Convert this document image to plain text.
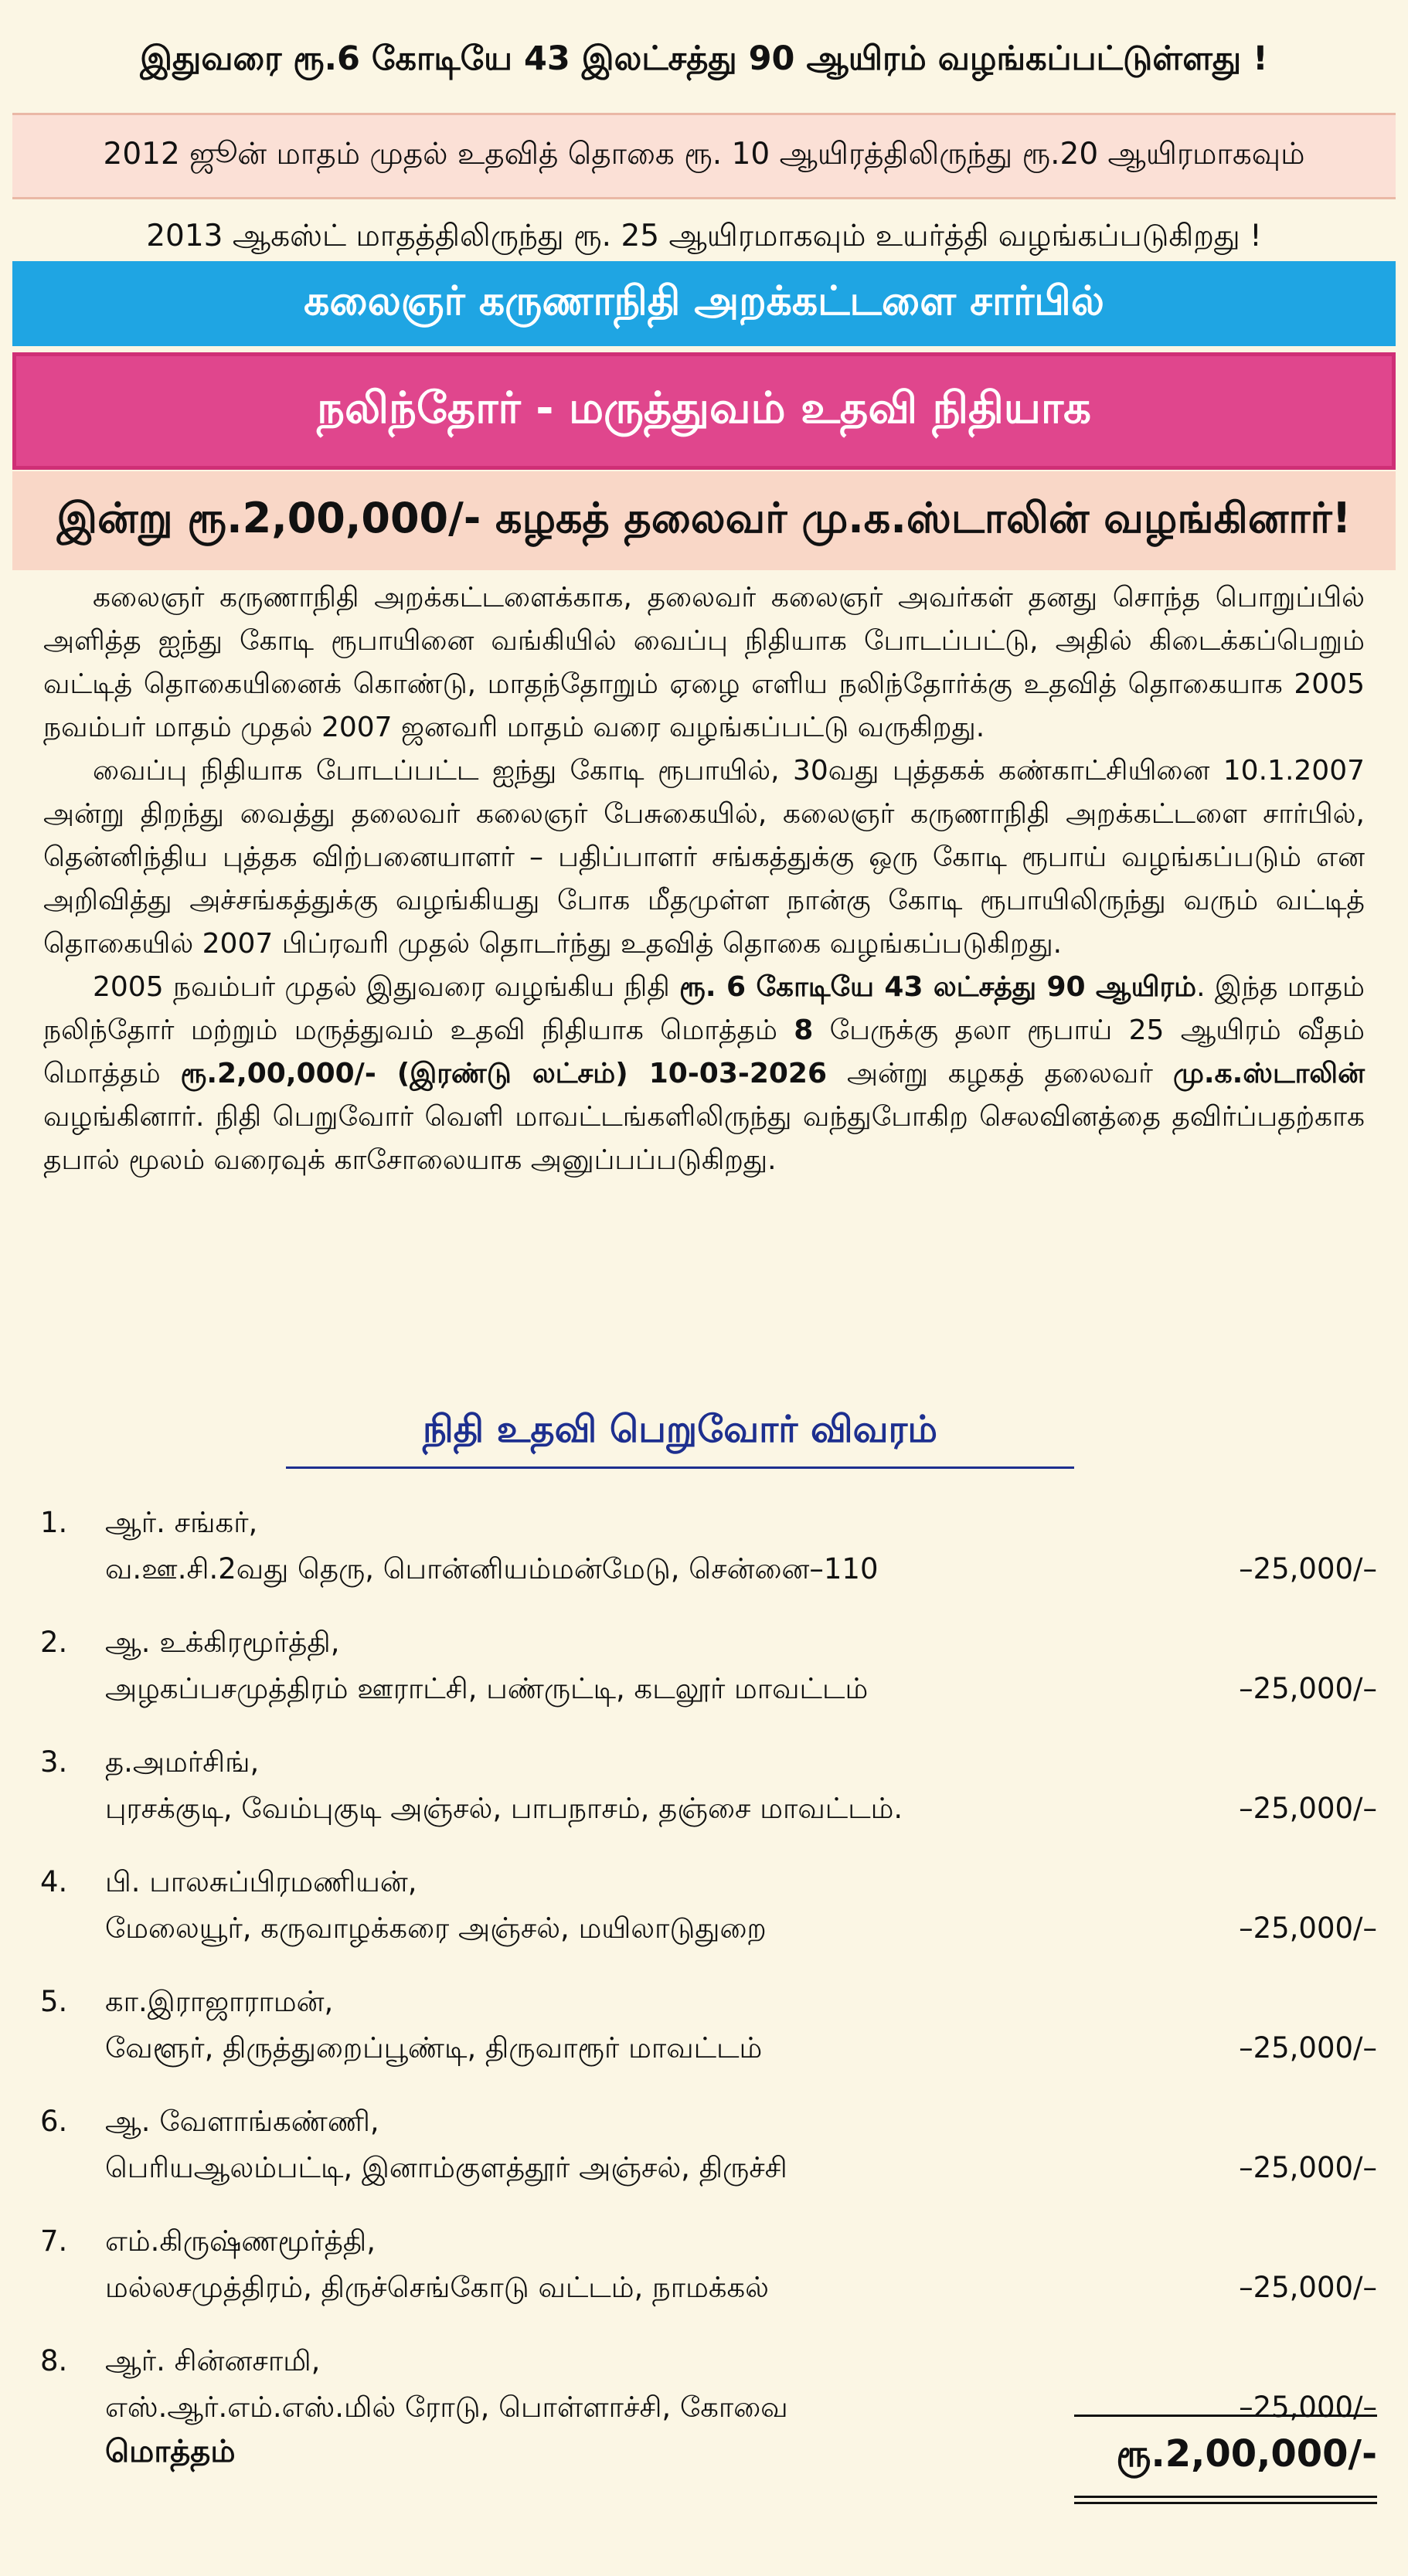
இதுவரை ரூ.6 கோடியே 43 இலட்சத்து 90 ஆயிரம் வழங்கப்பட்டுள்ளது !
2012 ஜூன் மாதம் முதல் உதவித் தொகை ரூ. 10 ஆயிரத்திலிருந்து ரூ.20 ஆயிரமாகவும்
2013 ஆகஸ்ட் மாதத்திலிருந்து ரூ. 25 ஆயிரமாகவும் உயர்த்தி வழங்கப்படுகிறது !
கலைஞர் கருணாநிதி அறக்கட்டளை சார்பில்
நலிந்தோர் - மருத்துவம் உதவி நிதியாக
இன்று ரூ.2,00,000/- கழகத் தலைவர் மு.க.ஸ்டாலின் வழங்கினார்!

கலைஞர் கருணாநிதி அறக்கட்டளைக்காக, தலைவர் கலைஞர் அவர்கள் தனது சொந்த பொறுப்பில் அளித்த ஐந்து கோடி ரூபாயினை வங்கியில் வைப்பு நிதியாக போடப்பட்டு, அதில் கிடைக்கப்பெறும் வட்டித் தொகையினைக் கொண்டு, மாதந்தோறும் ஏழை எளிய நலிந்தோர்க்கு உதவித் தொகையாக 2005 நவம்பர் மாதம் முதல் 2007 ஜனவரி மாதம் வரை வழங்கப்பட்டு வருகிறது.

வைப்பு நிதியாக போடப்பட்ட ஐந்து கோடி ரூபாயில், 30வது புத்தகக் கண்காட்சியினை 10.1.2007 அன்று திறந்து வைத்து தலைவர் கலைஞர் பேசுகையில், கலைஞர் கருணாநிதி அறக்கட்டளை சார்பில், தென்னிந்திய புத்தக விற்பனையாளர் – பதிப்பாளர் சங்கத்துக்கு ஒரு கோடி ரூபாய் வழங்கப்படும் என அறிவித்து அச்சங்கத்துக்கு வழங்கியது போக மீதமுள்ள நான்கு கோடி ரூபாயிலிருந்து வரும் வட்டித் தொகையில் 2007 பிப்ரவரி முதல் தொடர்ந்து உதவித் தொகை வழங்கப்படுகிறது.

2005 நவம்பர் முதல் இதுவரை வழங்கிய நிதி ரூ. 6 கோடியே 43 லட்சத்து 90 ஆயிரம். இந்த மாதம் நலிந்தோர் மற்றும் மருத்துவம் உதவி நிதியாக மொத்தம் 8 பேருக்கு தலா ரூபாய் 25 ஆயிரம் வீதம் மொத்தம் ரூ.2,00,000/- (இரண்டு லட்சம்) 10-03-2026 அன்று கழகத் தலைவர் மு.க.ஸ்டாலின் வழங்கினார். நிதி பெறுவோர் வெளி மாவட்டங்களிலிருந்து வந்துபோகிற செலவினத்தை தவிர்ப்பதற்காக தபால் மூலம் வரைவுக் காசோலையாக அனுப்பப்படுகிறது.

நிதி உதவி பெறுவோர் விவரம்
1. ஆர். சங்கர்,
வ.ஊ.சி.2வது தெரு, பொன்னியம்மன்மேடு, சென்னை–110	–25,000/–
2. ஆ. உக்கிரமூர்த்தி,
அழகப்பசமுத்திரம் ஊராட்சி, பண்ருட்டி, கடலூர் மாவட்டம்	–25,000/–
3. த.அமர்சிங்,
புரசக்குடி, வேம்புகுடி அஞ்சல், பாபநாசம், தஞ்சை மாவட்டம்.	–25,000/–
4. பி. பாலசுப்பிரமணியன்,
மேலையூர், கருவாழக்கரை அஞ்சல், மயிலாடுதுறை	–25,000/–
5. கா.இராஜாராமன்,
வேளூர், திருத்துறைப்பூண்டி, திருவாரூர் மாவட்டம்	–25,000/–
6. ஆ. வேளாங்கண்ணி,
பெரியஆலம்பட்டி, இனாம்குளத்தூர் அஞ்சல், திருச்சி	–25,000/–
7. எம்.கிருஷ்ணமூர்த்தி,
மல்லசமுத்திரம், திருச்செங்கோடு வட்டம், நாமக்கல்	–25,000/–
8. ஆர். சின்னசாமி,
எஸ்.ஆர்.எம்.எஸ்.மில் ரோடு, பொள்ளாச்சி, கோவை	–25,000/–
மொத்தம்	ரூ.2,00,000/-
